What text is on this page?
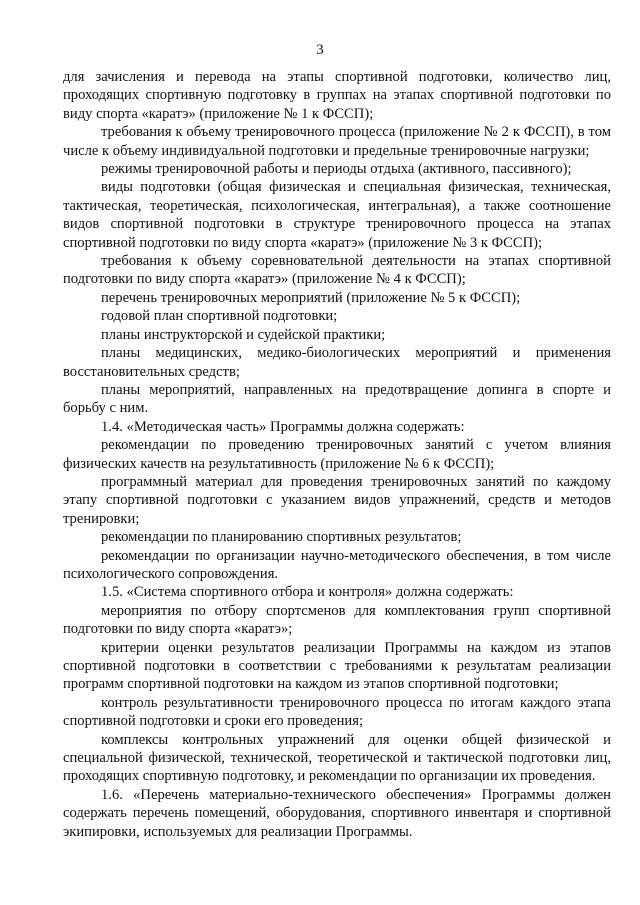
3

для зачисления и перевода на этапы спортивной подготовки, количество лиц, проходящих спортивную подготовку в группах на этапах спортивной подготовки по виду спорта «каратэ» (приложение № 1 к ФССП);

требования к объему тренировочного процесса (приложение № 2 к ФССП), в том числе к объему индивидуальной подготовки и предельные тренировочные нагрузки;

режимы тренировочной работы и периоды отдыха (активного, пассивного);

виды подготовки (общая физическая и специальная физическая, техническая, тактическая, теоретическая, психологическая, интегральная), а также соотношение видов спортивной подготовки в структуре тренировочного процесса на этапах спортивной подготовки по виду спорта «каратэ» (приложение № 3 к ФССП);

требования к объему соревновательной деятельности на этапах спортивной подготовки по виду спорта «каратэ» (приложение № 4 к ФССП);

перечень тренировочных мероприятий (приложение № 5 к ФССП);

годовой план спортивной подготовки;

планы инструкторской и судейской практики;

планы медицинских, медико-биологических мероприятий и применения восстановительных средств;

планы мероприятий, направленных на предотвращение допинга в спорте и борьбу с ним.

1.4. «Методическая часть» Программы должна содержать:

рекомендации по проведению тренировочных занятий с учетом влияния физических качеств на результативность (приложение № 6 к ФССП);

программный материал для проведения тренировочных занятий по каждому этапу спортивной подготовки с указанием видов упражнений, средств и методов тренировки;

рекомендации по планированию спортивных результатов;

рекомендации по организации научно-методического обеспечения, в том числе психологического сопровождения.

1.5. «Система спортивного отбора и контроля» должна содержать:

мероприятия по отбору спортсменов для комплектования групп спортивной подготовки по виду спорта «каратэ»;

критерии оценки результатов реализации Программы на каждом из этапов спортивной подготовки в соответствии с требованиями к результатам реализации программ спортивной подготовки на каждом из этапов спортивной подготовки;

контроль результативности тренировочного процесса по итогам каждого этапа спортивной подготовки и сроки его проведения;

комплексы контрольных упражнений для оценки общей физической и специальной физической, технической, теоретической и тактической подготовки лиц, проходящих спортивную подготовку, и рекомендации по организации их проведения.

1.6. «Перечень материально-технического обеспечения» Программы должен содержать перечень помещений, оборудования, спортивного инвентаря и спортивной экипировки, используемых для реализации Программы.
